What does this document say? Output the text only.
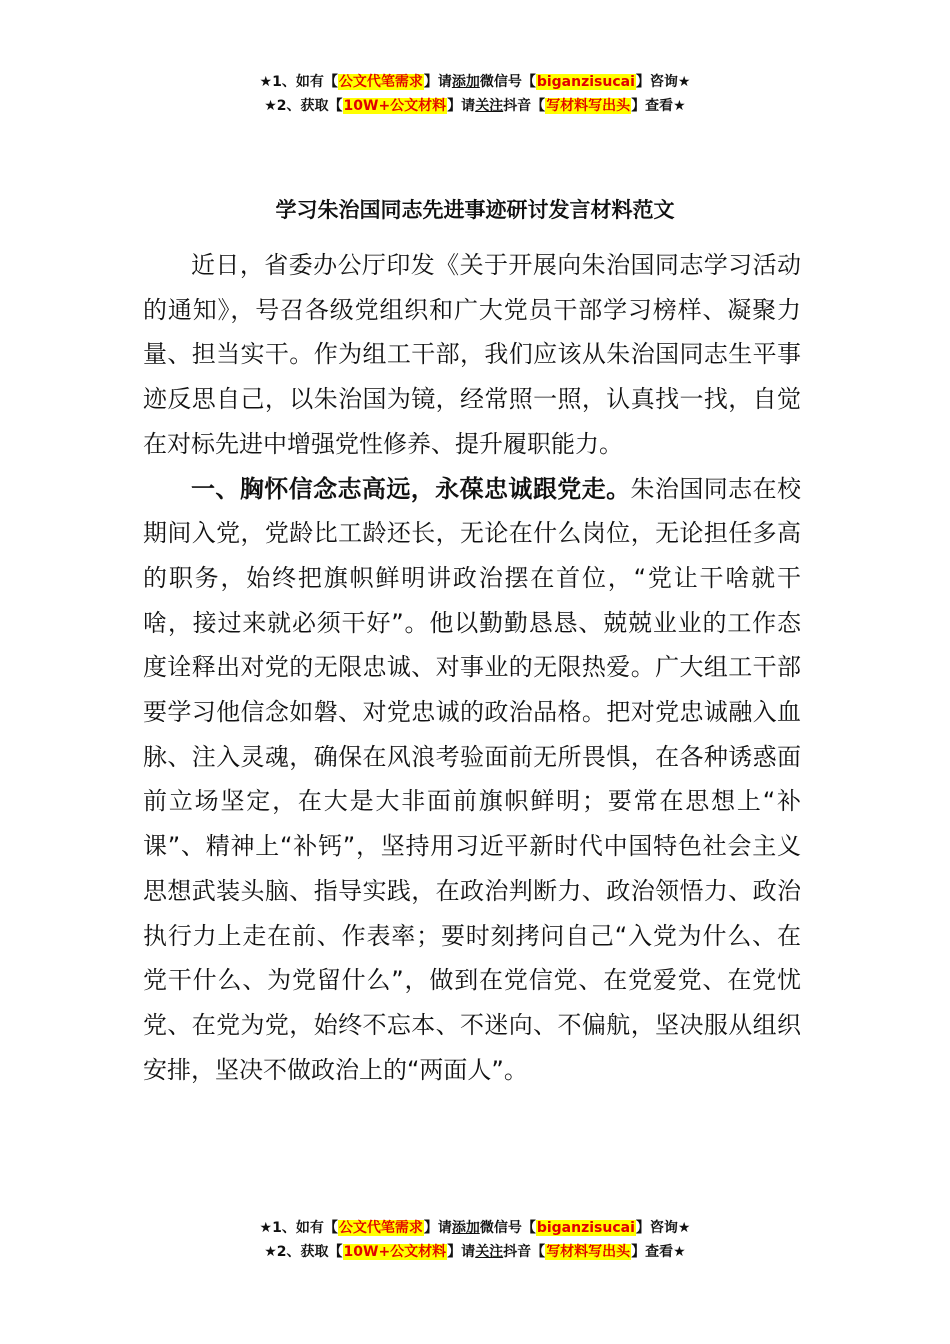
★1、如有【公文代笔需求】请添加微信号【biganzisucai】咨询★
★2、获取【10W+公文材料】请关注抖音【写材料写出头】查看★
学习朱治国同志先进事迹研讨发言材料范文

近日，省委办公厅印发《关于开展向朱治国同志学习活动的通知》，号召各级党组织和广大党员干部学习榜样、凝聚力量、担当实干。作为组工干部，我们应该从朱治国同志生平事迹反思自己，以朱治国为镜，经常照一照，认真找一找，自觉在对标先进中增强党性修养、提升履职能力。

一、胸怀信念志高远，永葆忠诚跟党走。朱治国同志在校期间入党，党龄比工龄还长，无论在什么岗位，无论担任多高的职务，始终把旗帜鲜明讲政治摆在首位，“党让干啥就干啥，接过来就必须干好”。他以勤勤恳恳、兢兢业业的工作态度诠释出对党的无限忠诚、对事业的无限热爱。广大组工干部要学习他信念如磐、对党忠诚的政治品格。把对党忠诚融入血脉、注入灵魂，确保在风浪考验面前无所畏惧，在各种诱惑面前立场坚定，在大是大非面前旗帜鲜明；要常在思想上“补课”、精神上“补钙”，坚持用习近平新时代中国特色社会主义思想武装头脑、指导实践，在政治判断力、政治领悟力、政治执行力上走在前、作表率；要时刻拷问自己“入党为什么、在党干什么、为党留什么”，做到在党信党、在党爱党、在党忧党、在党为党，始终不忘本、不迷向、不偏航，坚决服从组织安排，坚决不做政治上的“两面人”。

★1、如有【公文代笔需求】请添加微信号【biganzisucai】咨询★
★2、获取【10W+公文材料】请关注抖音【写材料写出头】查看★
